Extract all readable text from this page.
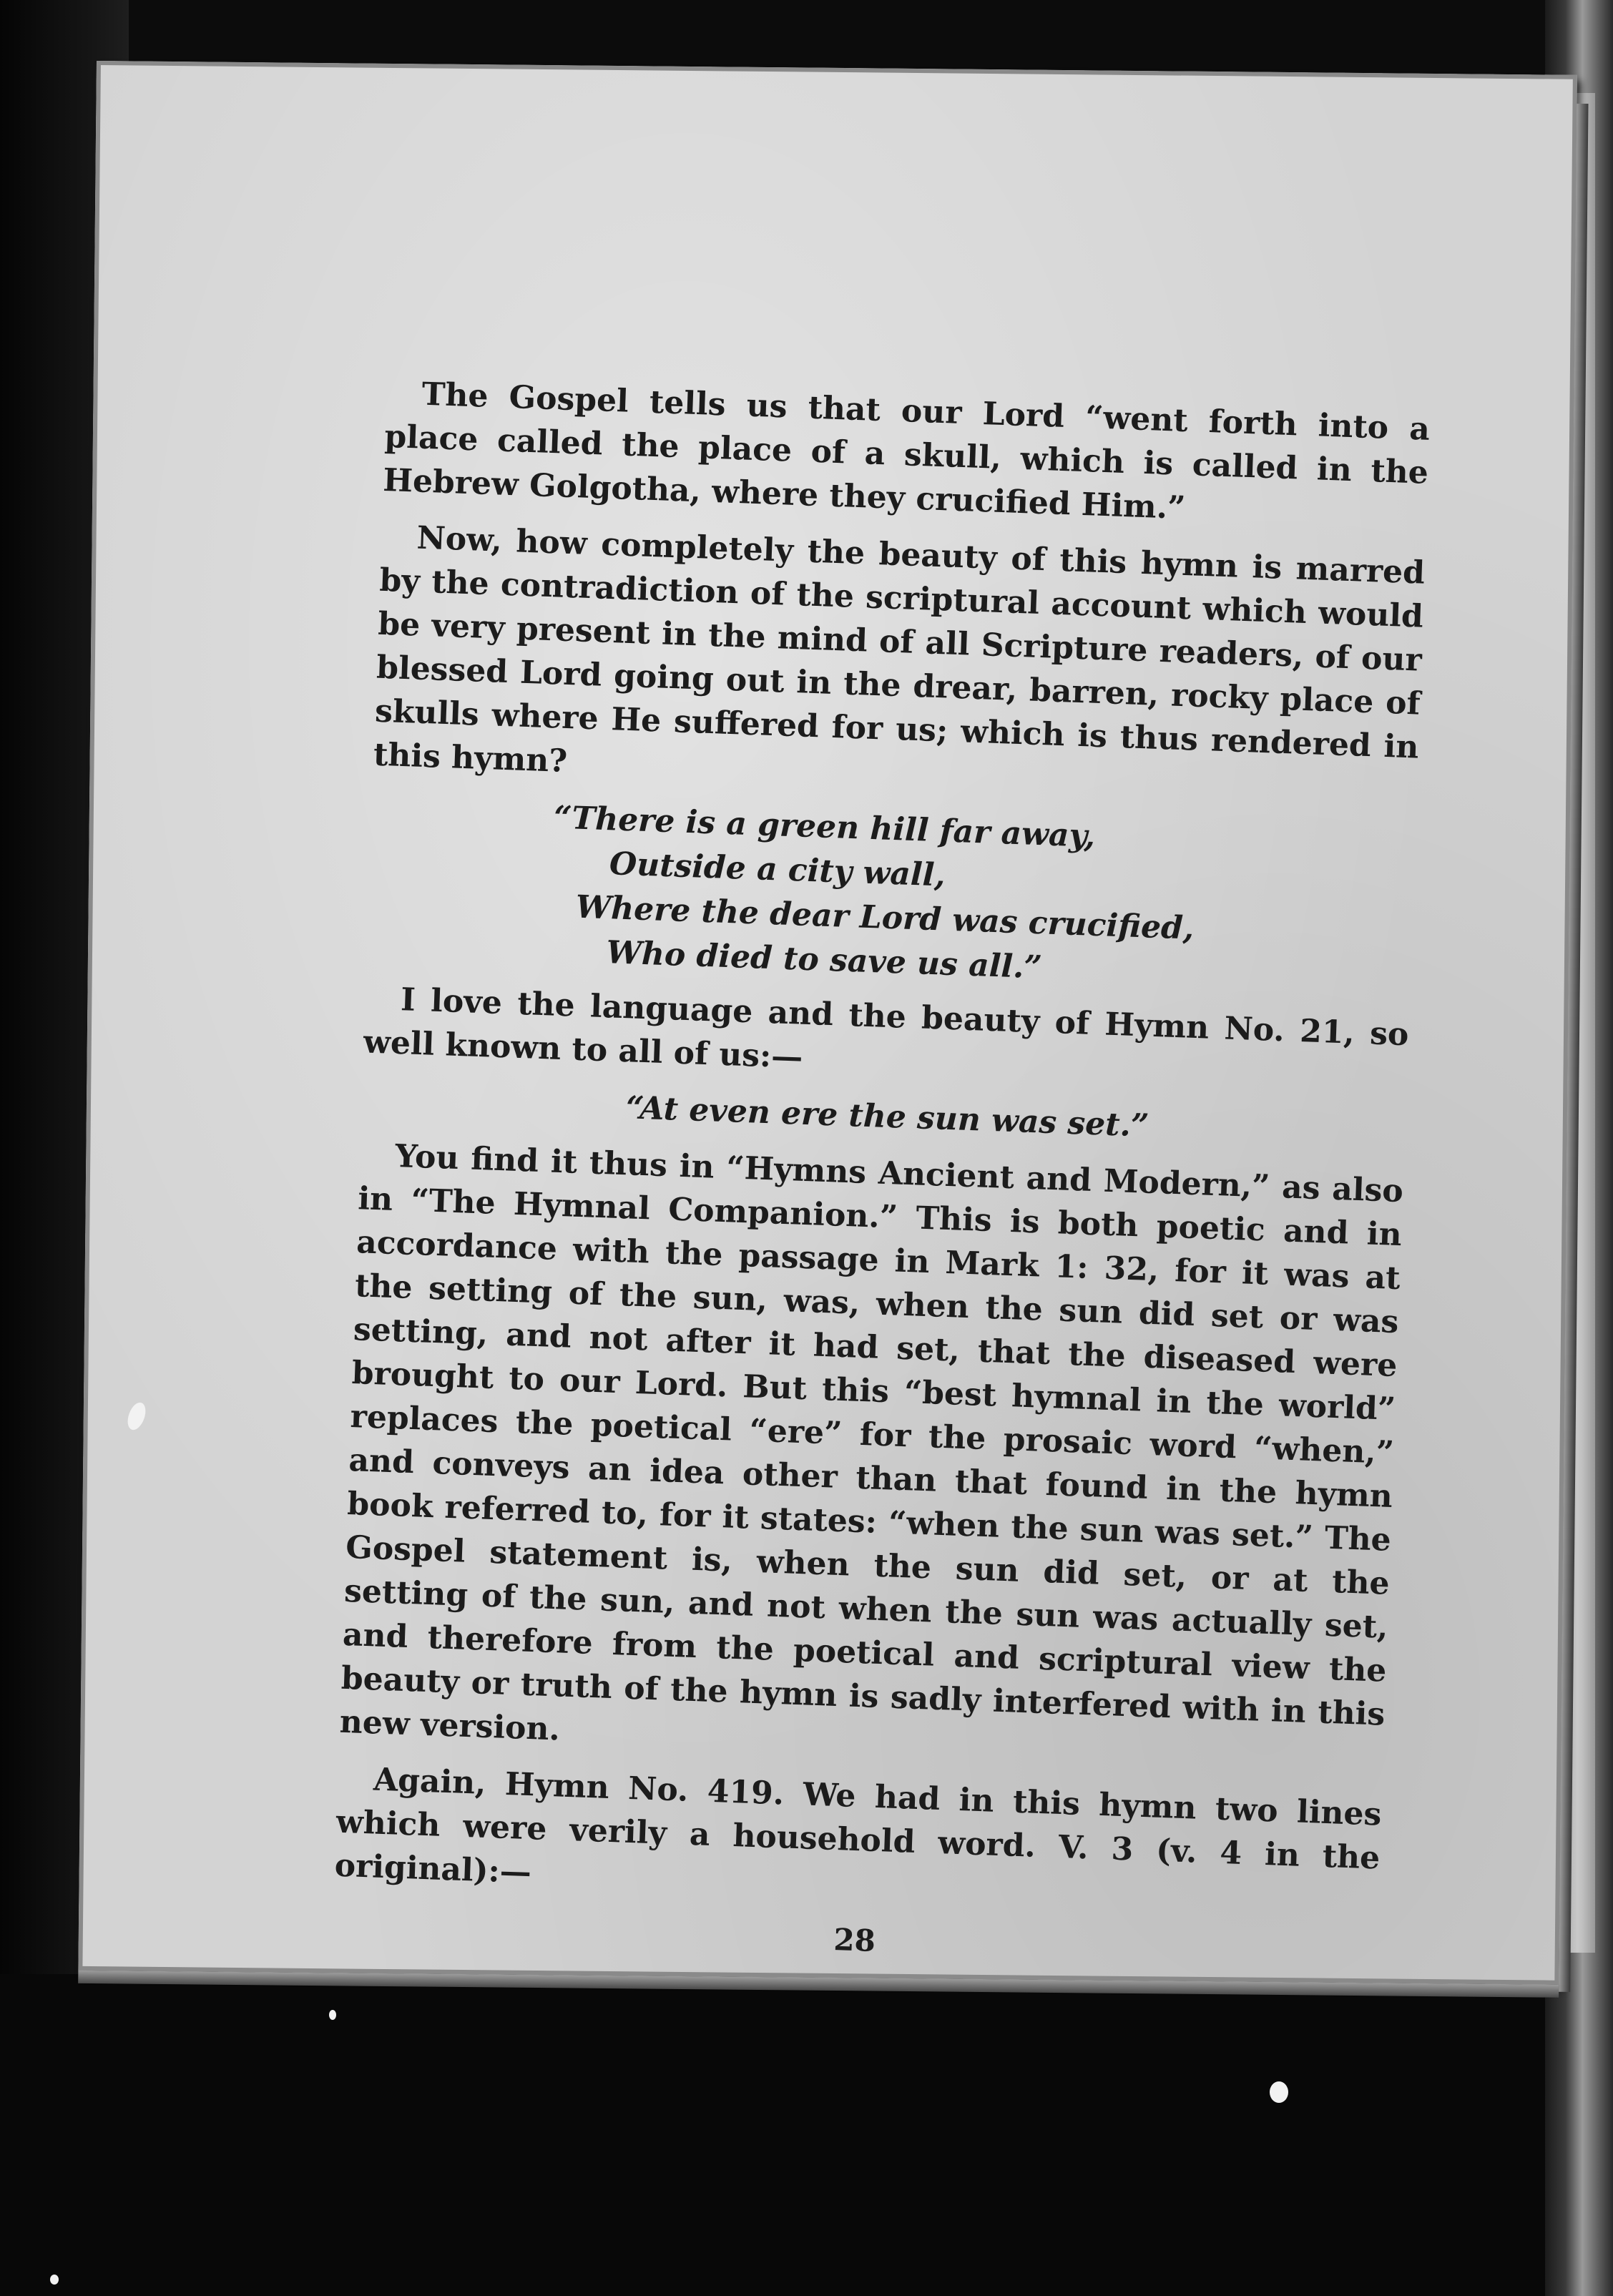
The Gospel tells us that our Lord “went forth into a place called the place of a skull, which is called in the Hebrew Golgotha, where they crucified Him.”

Now, how completely the beauty of this hymn is marred by the contradiction of the scriptural account which would be very present in the mind of all Scripture readers, of our blessed Lord going out in the drear, barren, rocky place of skulls where He suffered for us; which is thus rendered in this hymn?

“There is a green hill far away,
Outside a city wall,
Where the dear Lord was crucified,
Who died to save us all.”

I love the language and the beauty of Hymn No. 21, so well known to all of us:—

“At even ere the sun was set.”

You find it thus in “Hymns Ancient and Modern,” as also in “The Hymnal Companion.” This is both poetic and in accordance with the passage in Mark 1: 32, for it was at the setting of the sun, was, when the sun did set or was setting, and not after it had set, that the diseased were brought to our Lord. But this “best hymnal in the world” replaces the poetical “ere” for the prosaic word “when,” and conveys an idea other than that found in the hymn book referred to, for it states: “when the sun was set.” The Gospel statement is, when the sun did set, or at the setting of the sun, and not when the sun was actually set, and therefore from the poetical and scriptural view the beauty or truth of the hymn is sadly interfered with in this new version.

Again, Hymn No. 419. We had in this hymn two lines which were verily a household word. V. 3 (v. 4 in the original):—

28
